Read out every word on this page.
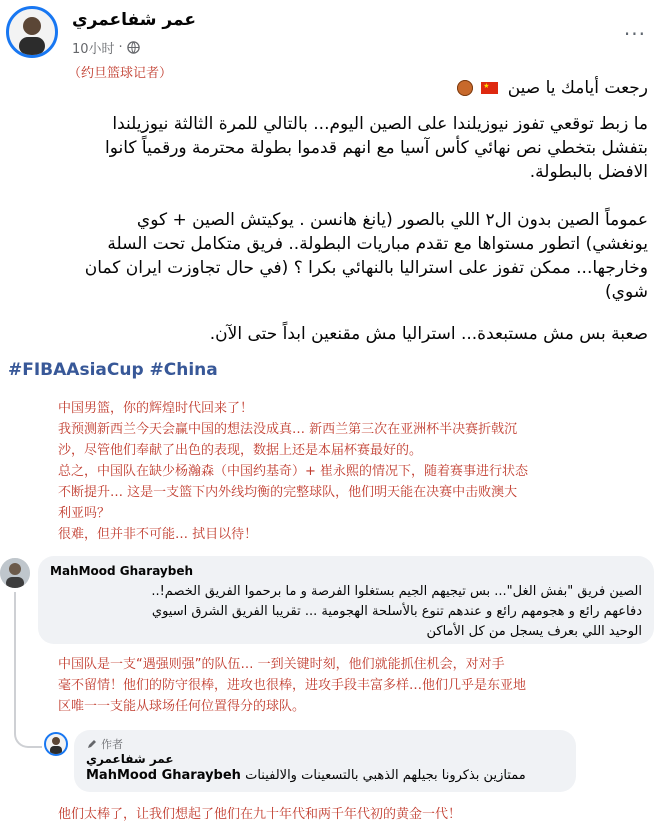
عمر شفاعمري
10小时 ·
···
（约旦篮球记者）
رجعت أيامك يا صين
★

ما زبط توقعي تفوز نيوزيلندا على الصين اليوم... بالتالي للمرة الثالثة نيوزيلندا
بتفشل بتخطي نص نهائي كأس آسيا مع انهم قدموا بطولة محترمة ورقمياً كانوا
الافضل بالبطولة.
عموماً الصين بدون ال٢ اللي بالصور (يانغ هانسن . يوكيتش الصين + كوي
يونغشي) اتطور مستواها مع تقدم مباريات البطولة.. فريق متكامل تحت السلة
وخارجها... ممكن تفوز على استراليا بالنهائي بكرا ؟ (في حال تجاوزت ايران كمان
شوي)
صعبة بس مش مستبعدة... استراليا مش مقنعين ابداً حتى الآن.
#FIBAAsiaCup #China
中国男篮，你的辉煌时代回来了！
我预测新西兰今天会赢中国的想法没成真… 新西兰第三次在亚洲杯半决赛折戟沉
沙，尽管他们奉献了出色的表现，数据上还是本届杯赛最好的。
总之，中国队在缺少杨瀚森（中国约基奇）+ 崔永熙的情况下，随着赛事进行状态
不断提升… 这是一支篮下内外线均衡的完整球队，他们明天能在决赛中击败澳大
利亚吗？
很难，但并非不可能… 拭目以待！
MahMood Gharaybeh
الصين فريق "بفش الغل"... بس تيجيهم الجيم بستغلوا الفرصة و ما برحموا الفريق الخصم!..
دفاعهم رائع و هجومهم رائع و عندهم تنوع بالأسلحة الهجومية ... تقريبا الفريق الشرق اسيوي
الوحيد اللي بعرف يسجل من كل الأماكن
中国队是一支“遇强则强”的队伍… 一到关键时刻，他们就能抓住机会，对对手
毫不留情！他们的防守很棒，进攻也很棒，进攻手段丰富多样…他们几乎是东亚地
区唯一一支能从球场任何位置得分的球队。
作者
عمر شفاعمري
ممتازين بذكرونا بجيلهم الذهبي بالتسعينات والالفينات MahMood Gharaybeh
他们太棒了，让我们想起了他们在九十年代和两千年代初的黄金一代！
